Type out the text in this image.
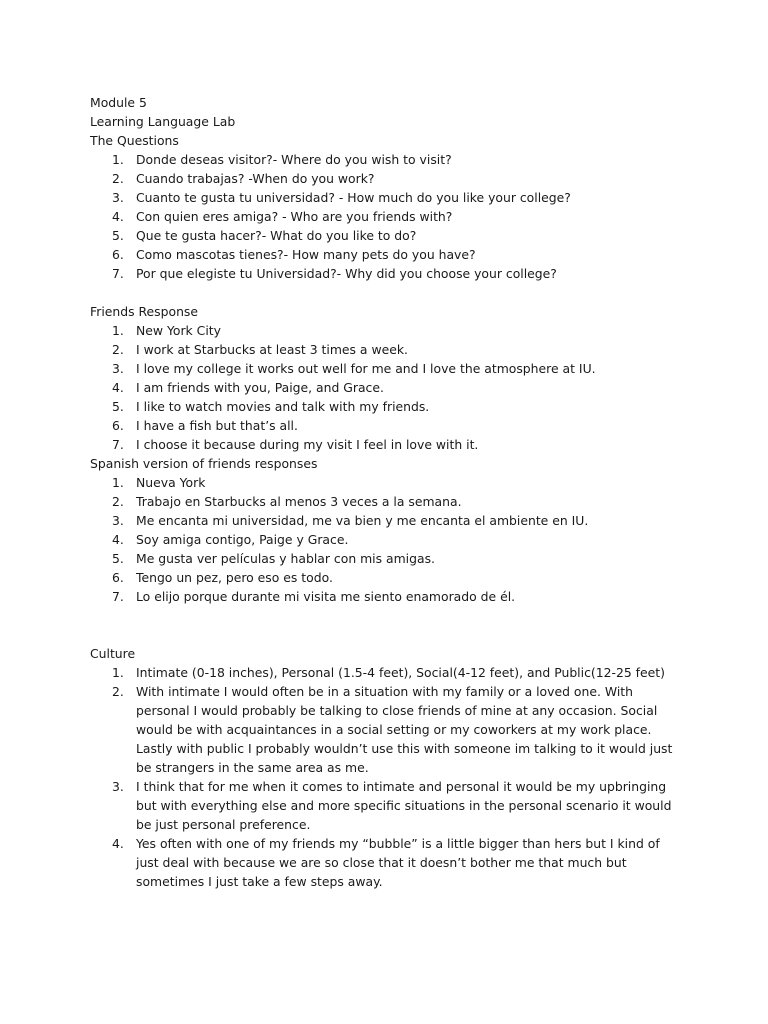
Module 5
Learning Language Lab
The Questions
1. Donde deseas visitor?- Where do you wish to visit?
2. Cuando trabajas? -When do you work?
3. Cuanto te gusta tu universidad? - How much do you like your college?
4. Con quien eres amiga? - Who are you friends with?
5. Que te gusta hacer?- What do you like to do?
6. Como mascotas tienes?- How many pets do you have?
7. Por que elegiste tu Universidad?- Why did you choose your college?
Friends Response
1. New York City
2. I work at Starbucks at least 3 times a week.
3. I love my college it works out well for me and I love the atmosphere at IU.
4. I am friends with you, Paige, and Grace.
5. I like to watch movies and talk with my friends.
6. I have a fish but that’s all.
7. I choose it because during my visit I feel in love with it.
Spanish version of friends responses
1. Nueva York
2. Trabajo en Starbucks al menos 3 veces a la semana.
3. Me encanta mi universidad, me va bien y me encanta el ambiente en IU.
4. Soy amiga contigo, Paige y Grace.
5. Me gusta ver películas y hablar con mis amigas.
6. Tengo un pez, pero eso es todo.
7. Lo elijo porque durante mi visita me siento enamorado de él.
Culture
1. Intimate (0-18 inches), Personal (1.5-4 feet), Social(4-12 feet), and Public(12-25 feet)
2. With intimate I would often be in a situation with my family or a loved one. With personal I would probably be talking to close friends of mine at any occasion. Social would be with acquaintances in a social setting or my coworkers at my work place. Lastly with public I probably wouldn’t use this with someone im talking to it would just be strangers in the same area as me.
3. I think that for me when it comes to intimate and personal it would be my upbringing but with everything else and more specific situations in the personal scenario it would be just personal preference.
4. Yes often with one of my friends my “bubble” is a little bigger than hers but I kind of just deal with because we are so close that it doesn’t bother me that much but sometimes I just take a few steps away.
